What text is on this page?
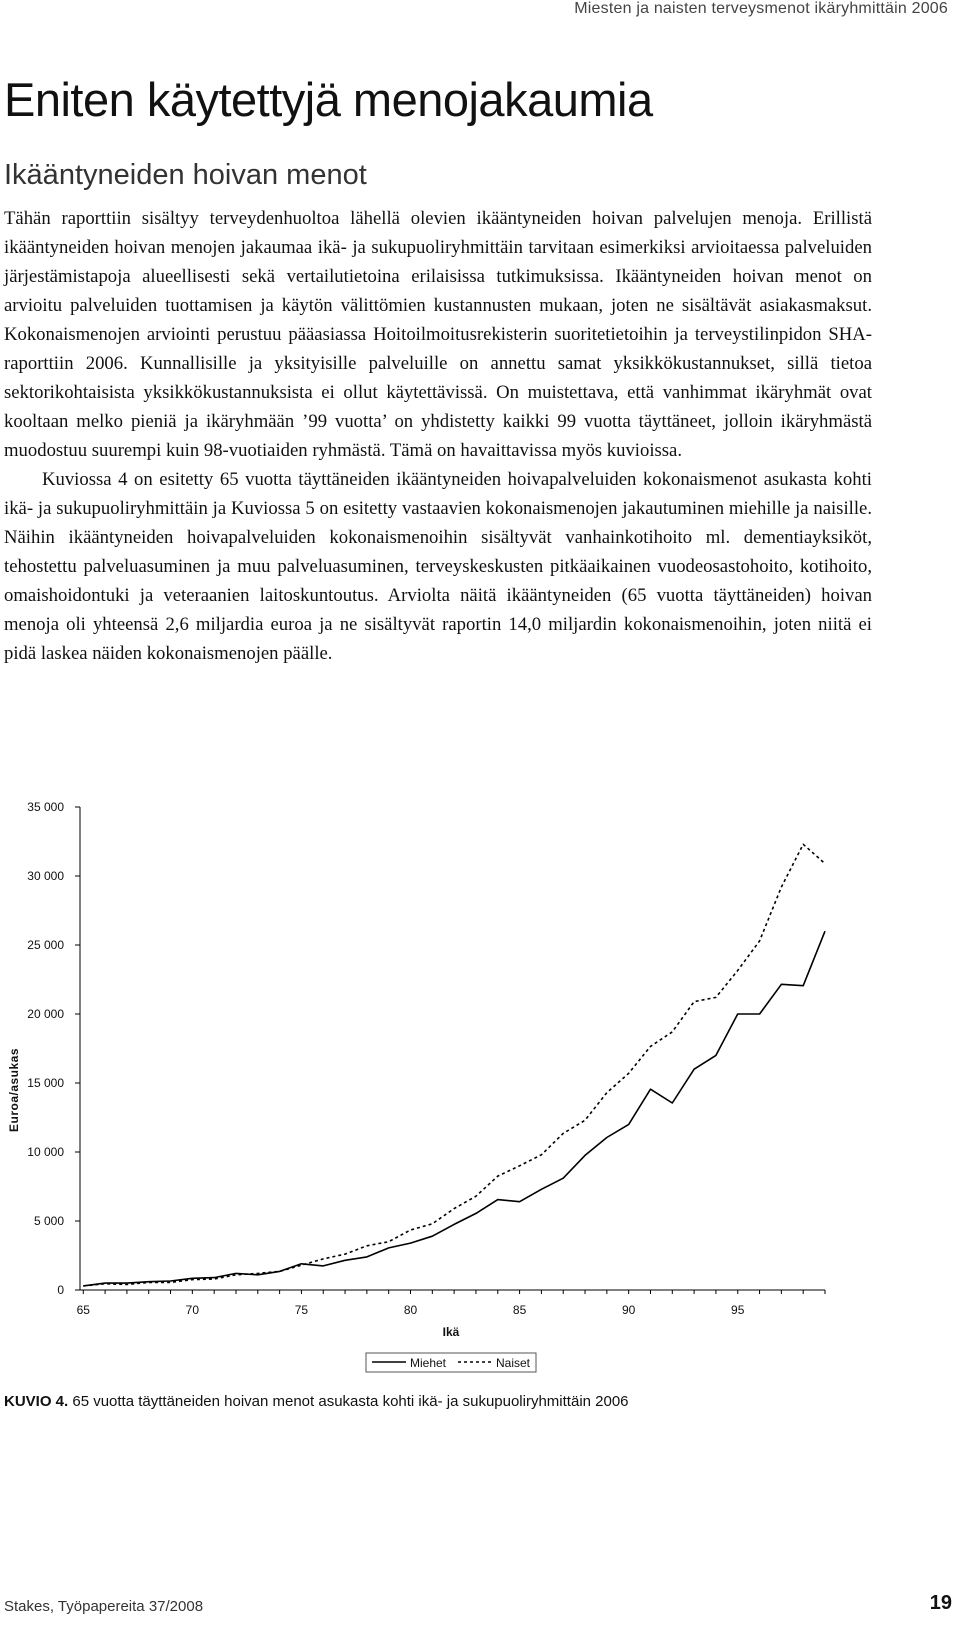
Miesten ja naisten terveysmenot ikäryhmittäin 2006
Eniten käytettyjä menojakaumia
Ikääntyneiden hoivan menot

Tähän raporttiin sisältyy terveydenhuoltoa lähellä olevien ikääntyneiden hoivan palvelujen menoja. Erillistä ikääntyneiden hoivan menojen jakaumaa ikä- ja sukupuoliryhmittäin tarvitaan esimerkiksi arvioitaessa palveluiden järjestämistapoja alueellisesti sekä vertailutietoina erilaisissa tutkimuksissa. Ikääntyneiden hoivan menot on arvioitu palveluiden tuottamisen ja käytön välittömien kustannusten mukaan, joten ne sisältävät asiakasmaksut. Kokonaismenojen arviointi perustuu pääasiassa Hoitoilmoitusrekisterin suoritetietoihin ja terveystilinpidon SHA-raporttiin 2006. Kunnallisille ja yksityisille palveluille on annettu samat yksikkökustannukset, sillä tietoa sektorikohtaisista yksikkökustannuksista ei ollut käytettävissä. On muistettava, että vanhimmat ikäryhmät ovat kooltaan melko pieniä ja ikäryhmään ’99 vuotta’ on yhdistetty kaikki 99 vuotta täyttäneet, jolloin ikäryhmästä muodostuu suurempi kuin 98-vuotiaiden ryhmästä. Tämä on havaittavissa myös kuvioissa.

Kuviossa 4 on esitetty 65 vuotta täyttäneiden ikääntyneiden hoivapalveluiden kokonaismenot asukasta kohti ikä- ja sukupuoliryhmittäin ja Kuviossa 5 on esitetty vastaavien kokonaismenojen jakautuminen miehille ja naisille. Näihin ikääntyneiden hoivapalveluiden kokonaismenoihin sisältyvät vanhainkotihoito ml. dementiayksiköt, tehostettu palveluasuminen ja muu palveluasuminen, terveyskeskusten pitkäaikainen vuodeosastohoito, kotihoito, omaishoidontuki ja veteraanien laitoskuntoutus. Arviolta näitä ikääntyneiden (65 vuotta täyttäneiden) hoivan menoja oli yhteensä 2,6 miljardia euroa ja ne sisältyvät raportin 14,0 miljardin kokonaismenoihin, joten niitä ei pidä laskea näiden kokonaismenojen päälle.

0
5 000
10 000
15 000
20 000
25 000
30 000
35 000
65	70	75	80	85	90	95
Euroa/asukas
Ikä
Miehet	Naiset
KUVIO 4. 65 vuotta täyttäneiden hoivan menot asukasta kohti ikä- ja sukupuoliryhmittäin 2006
Stakes, Työpapereita 37/2008	19
